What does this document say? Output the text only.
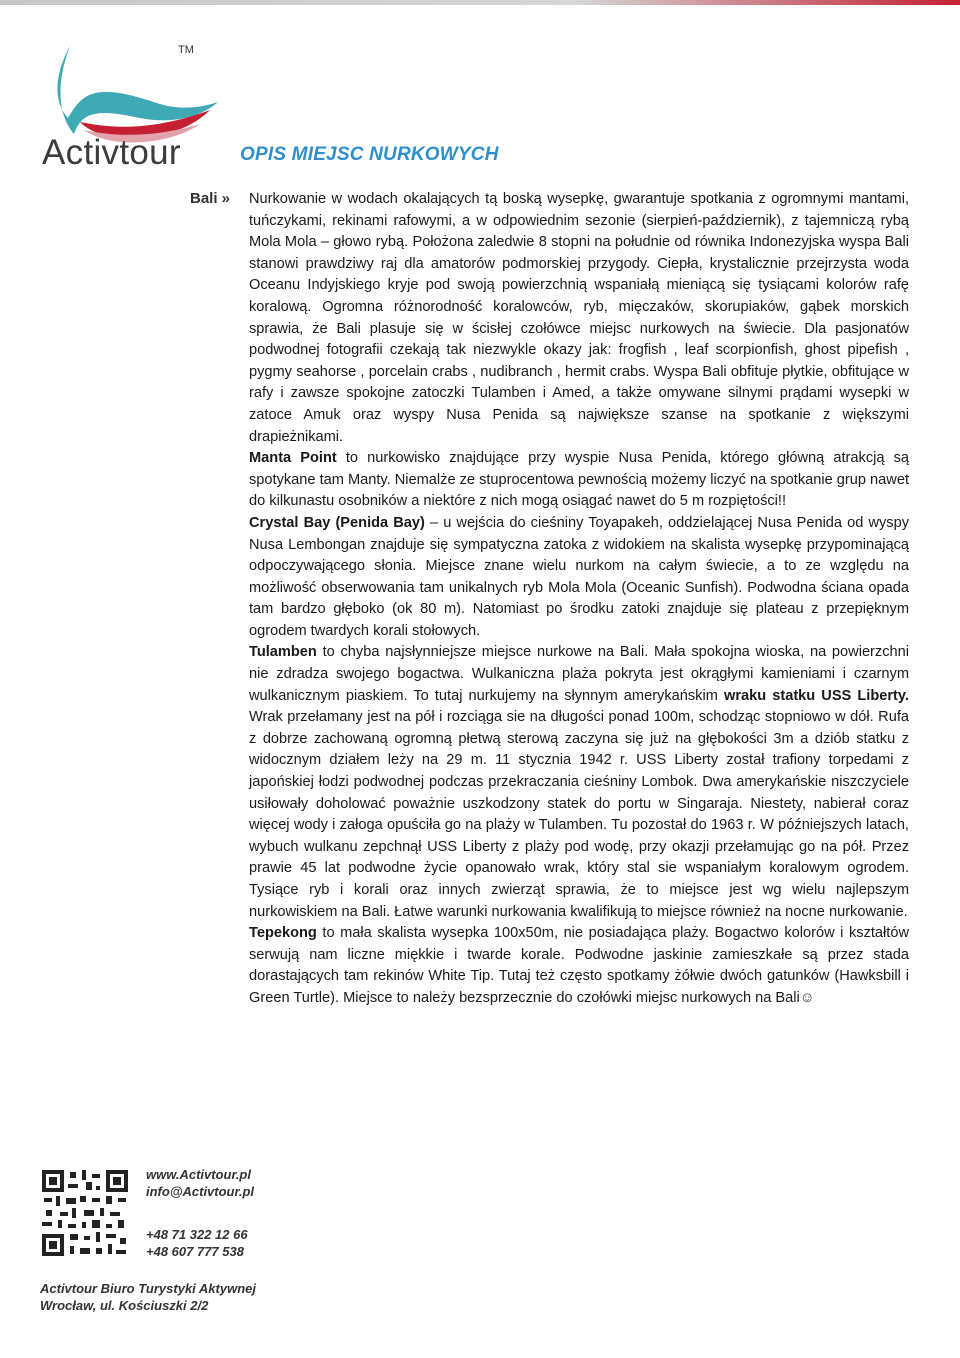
TM
Activtour	OPIS MIEJSC NURKOWYCH
Bali » Nurkowanie w wodach okalających tą boską wysepkę, gwarantuje spotkania z ogromnymi mantami, tuńczykami, rekinami rafowymi, a w odpowiednim sezonie (sierpień-październik), z tajemniczą rybą Mola Mola – głowo rybą. Położona zaledwie 8 stopni na południe od równika Indonezyjska wyspa Bali stanowi prawdziwy raj dla amatorów podmorskiej przygody. Ciepła, krystalicznie przejrzysta woda Oceanu Indyjskiego kryje pod swoją powierzchnią wspaniałą mieniącą się tysiącami kolorów rafę koralową. Ogromna różnorodność koralowców, ryb, mięczaków, skorupiaków, gąbek morskich sprawia, że Bali plasuje się w ścisłej czołówce miejsc nurkowych na świecie. Dla pasjonatów podwodnej fotografii czekają tak niezwykle okazy jak: frogfish , leaf scorpionfish, ghost pipefish , pygmy seahorse , porcelain crabs , nudibranch , hermit crabs. Wyspa Bali obfituje płytkie, obfitujące w rafy i zawsze spokojne zatoczki Tulamben i Amed, a także omywane silnymi prądami wysepki w zatoce Amuk oraz wyspy Nusa Penida są największe szanse na spotkanie z większymi drapieżnikami.

Manta Point to nurkowisko znajdujące przy wyspie Nusa Penida, którego główną atrakcją są spotykane tam Manty. Niemalże ze stuprocentowa pewnością możemy liczyć na spotkanie grup nawet do kilkunastu osobników a niektóre z nich mogą osiągać nawet do 5 m rozpiętości!!

Crystal Bay (Penida Bay) – u wejścia do cieśniny Toyapakeh, oddzielającej Nusa Penida od wyspy Nusa Lembongan znajduje się sympatyczna zatoka z widokiem na skalista wysepkę przypominającą odpoczywającego słonia. Miejsce znane wielu nurkom na całym świecie, a to ze względu na możliwość obserwowania tam unikalnych ryb Mola Mola (Oceanic Sunfish). Podwodna ściana opada tam bardzo głęboko (ok 80 m). Natomiast po środku zatoki znajduje się plateau z przepięknym ogrodem twardych korali stołowych.

Tulamben to chyba najsłynniejsze miejsce nurkowe na Bali. Mała spokojna wioska, na powierzchni nie zdradza swojego bogactwa. Wulkaniczna plaża pokryta jest okrągłymi kamieniami i czarnym wulkanicznym piaskiem. To tutaj nurkujemy na słynnym amerykańskim wraku statku USS Liberty. Wrak przełamany jest na pół i rozciąga sie na długości ponad 100m, schodząc stopniowo w dół. Rufa z dobrze zachowaną ogromną płetwą sterową zaczyna się już na głębokości 3m a dziób statku z widocznym działem leży na 29 m. 11 stycznia 1942 r. USS Liberty został trafiony torpedami z japońskiej łodzi podwodnej podczas przekraczania cieśniny Lombok. Dwa amerykańskie niszczyciele usiłowały doholować poważnie uszkodzony statek do portu w Singaraja. Niestety, nabierał coraz więcej wody i załoga opuściła go na plaży w Tulamben. Tu pozostał do 1963 r. W późniejszych latach, wybuch wulkanu zepchnął USS Liberty z plaży pod wodę, przy okazji przełamując go na pół. Przez prawie 45 lat podwodne życie opanowało wrak, który stal sie wspaniałym koralowym ogrodem. Tysiące ryb i korali oraz innych zwierząt sprawia, że to miejsce jest wg wielu najlepszym nurkowiskiem na Bali. Łatwe warunki nurkowania kwalifikują to miejsce również na nocne nurkowanie.

Tepekong to mała skalista wysepka 100x50m, nie posiadająca plaży. Bogactwo kolorów i kształtów serwują nam liczne miękkie i twarde korale. Podwodne jaskinie zamieszkałe są przez stada dorastających tam rekinów White Tip. Tutaj też często spotkamy żółwie dwóch gatunków (Hawksbill i Green Turtle). Miejsce to należy bezsprzecznie do czołówki miejsc nurkowych na Bali☺

www.Activtour.pl
info@Activtour.pl
+48 71 322 12 66
+48 607 777 538
Activtour Biuro Turystyki Aktywnej
Wrocław, ul. Kościuszki 2/2
